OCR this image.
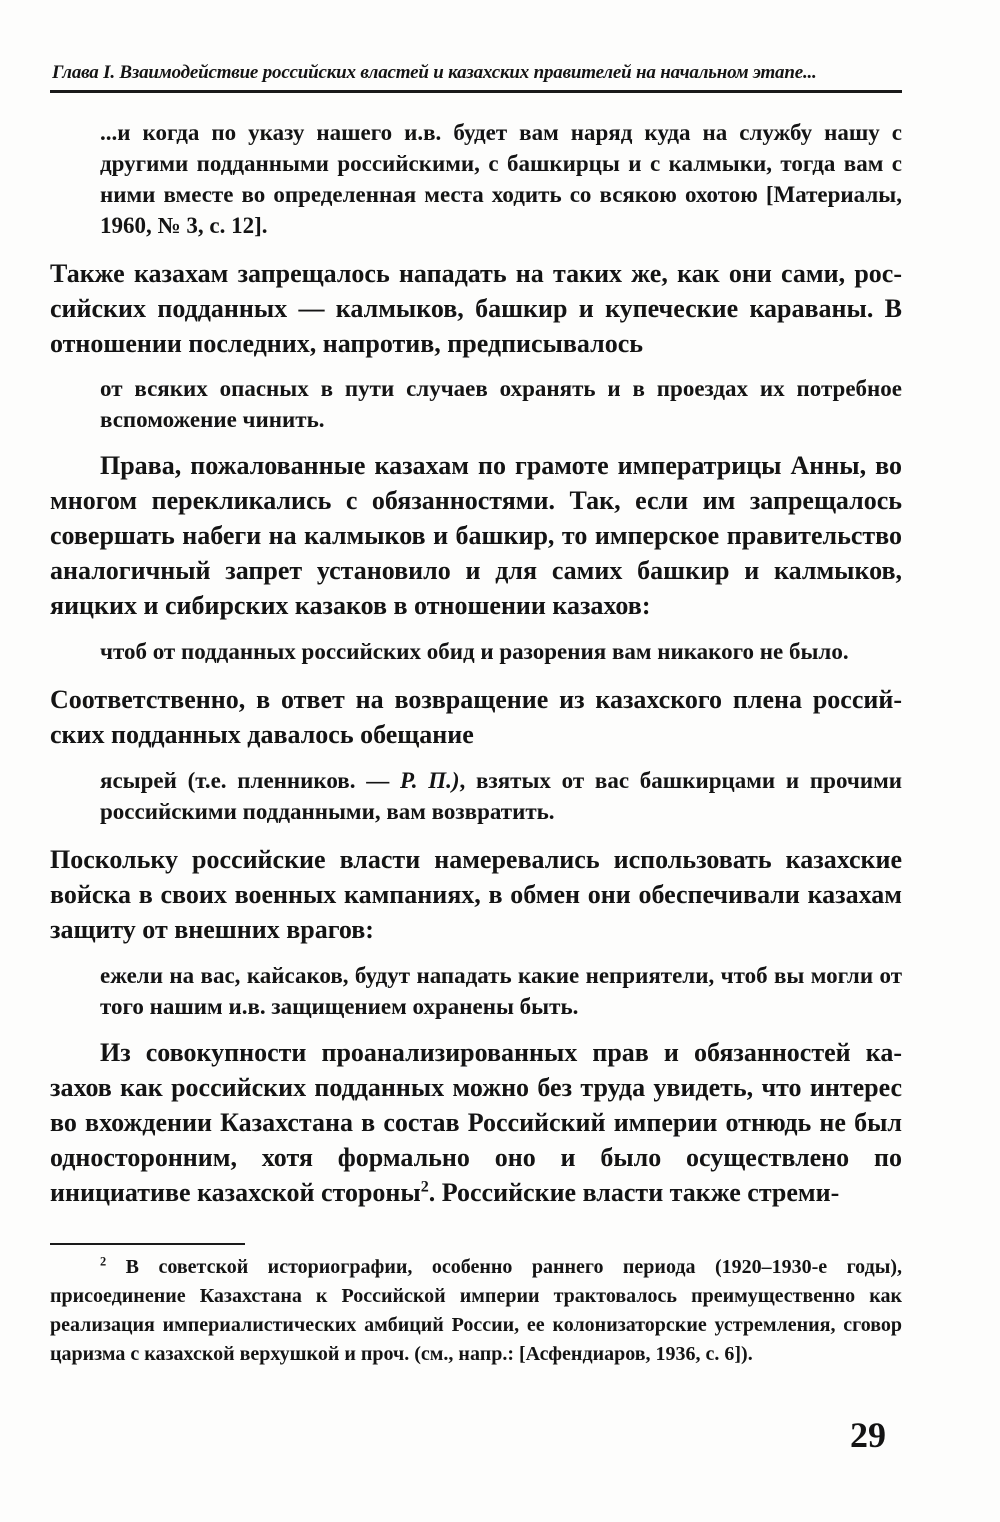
Глава I. Взаимодействие российских властей и казахских правителей на начальном этапе...

...и когда по указу нашего и.в. будет вам наряд куда на службу нашу с другими подданными российскими, с башкирцы и с калмыки, тогда вам с ними вместе во определенная места ходить со всякою охотою [Материалы, 1960, № 3, с. 12].

Также казахам запрещалось нападать на таких же, как они сами, российских подданных — калмыков, башкир и купеческие караваны. В отношении последних, напротив, предписывалось

от всяких опасных в пути случаев охранять и в проездах их потребное вспоможение чинить.

Права, пожалованные казахам по грамоте императрицы Анны, во многом перекликались с обязанностями. Так, если им запрещалось совершать набеги на калмыков и башкир, то имперское правительство аналогичный запрет установило и для самих башкир и калмыков, яицких и сибирских казаков в отношении казахов:

чтоб от подданных российских обид и разорения вам никакого не было.

Соответственно, в ответ на возвращение из казахского плена российских подданных давалось обещание

ясырей (т.е. пленников. — Р. П.), взятых от вас башкирцами и прочими российскими подданными, вам возвратить.

Поскольку российские власти намеревались использовать казахские войска в своих военных кампаниях, в обмен они обеспечивали казахам защиту от внешних врагов:

ежели на вас, кайсаков, будут нападать какие неприятели, чтоб вы могли от того нашим и.в. защищением охранены быть.

Из совокупности проанализированных прав и обязанностей казахов как российских подданных можно без труда увидеть, что интерес во вхождении Казахстана в состав Российский империи отнюдь не был односторонним, хотя формально оно и было осуществлено по инициативе казахской стороны$^2$. Российские власти также стреми-

$^2$ В советской историографии, особенно раннего периода (1920–1930-е годы), присоединение Казахстана к Российской империи трактовалось преимущественно как реализация империалистических амбиций России, ее колонизаторские устремления, сговор царизма с казахской верхушкой и проч. (см., напр.: [Асфендиаров, 1936, с. 6]).

29
